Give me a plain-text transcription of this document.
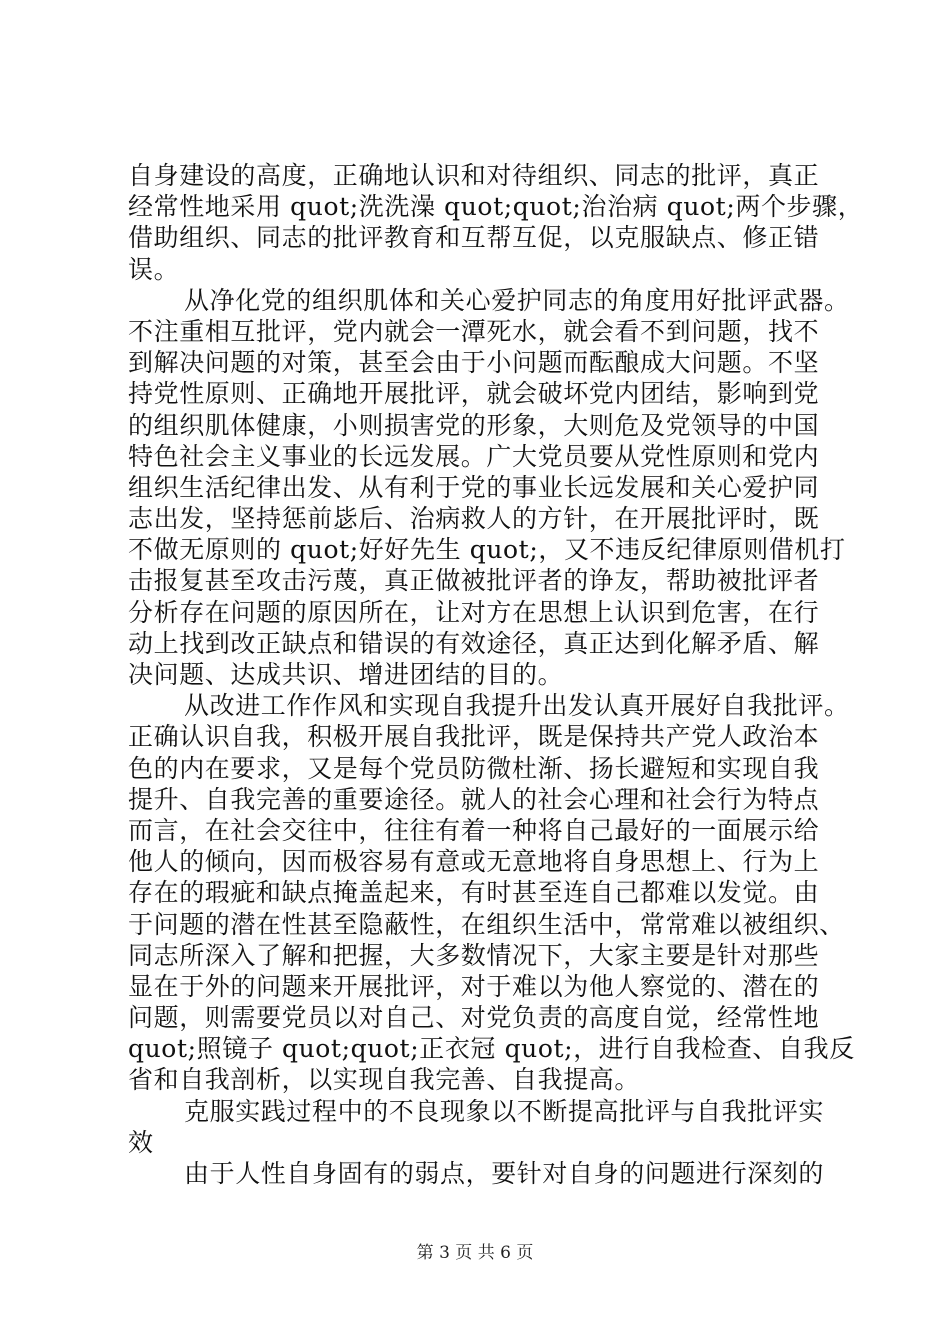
自身建设的高度，正确地认识和对待组织、同志的批评，真正
经常性地采用 quot;洗洗澡 quot;quot;治治病 quot;两个步骤，
借助组织、同志的批评教育和互帮互促，以克服缺点、修正错
误。
从净化党的组织肌体和关心爱护同志的角度用好批评武器。
不注重相互批评，党内就会一潭死水，就会看不到问题，找不
到解决问题的对策，甚至会由于小问题而酝酿成大问题。不坚
持党性原则、正确地开展批评，就会破坏党内团结，影响到党
的组织肌体健康，小则损害党的形象，大则危及党领导的中国
特色社会主义事业的长远发展。广大党员要从党性原则和党内
组织生活纪律出发、从有利于党的事业长远发展和关心爱护同
志出发，坚持惩前毖后、治病救人的方针，在开展批评时，既
不做无原则的 quot;好好先生 quot;，又不违反纪律原则借机打
击报复甚至攻击污蔑，真正做被批评者的诤友，帮助被批评者
分析存在问题的原因所在，让对方在思想上认识到危害，在行
动上找到改正缺点和错误的有效途径，真正达到化解矛盾、解
决问题、达成共识、增进团结的目的。
从改进工作作风和实现自我提升出发认真开展好自我批评。
正确认识自我，积极开展自我批评，既是保持共产党人政治本
色的内在要求，又是每个党员防微杜渐、扬长避短和实现自我
提升、自我完善的重要途径。就人的社会心理和社会行为特点
而言，在社会交往中，往往有着一种将自己最好的一面展示给
他人的倾向，因而极容易有意或无意地将自身思想上、行为上
存在的瑕疵和缺点掩盖起来，有时甚至连自己都难以发觉。由
于问题的潜在性甚至隐蔽性，在组织生活中，常常难以被组织、
同志所深入了解和把握，大多数情况下，大家主要是针对那些
显在于外的问题来开展批评，对于难以为他人察觉的、潜在的
问题，则需要党员以对自己、对党负责的高度自觉，经常性地
quot;照镜子 quot;quot;正衣冠 quot;，进行自我检查、自我反
省和自我剖析，以实现自我完善、自我提高。
克服实践过程中的不良现象以不断提高批评与自我批评实
效
由于人性自身固有的弱点，要针对自身的问题进行深刻的
第 3 页 共 6 页
